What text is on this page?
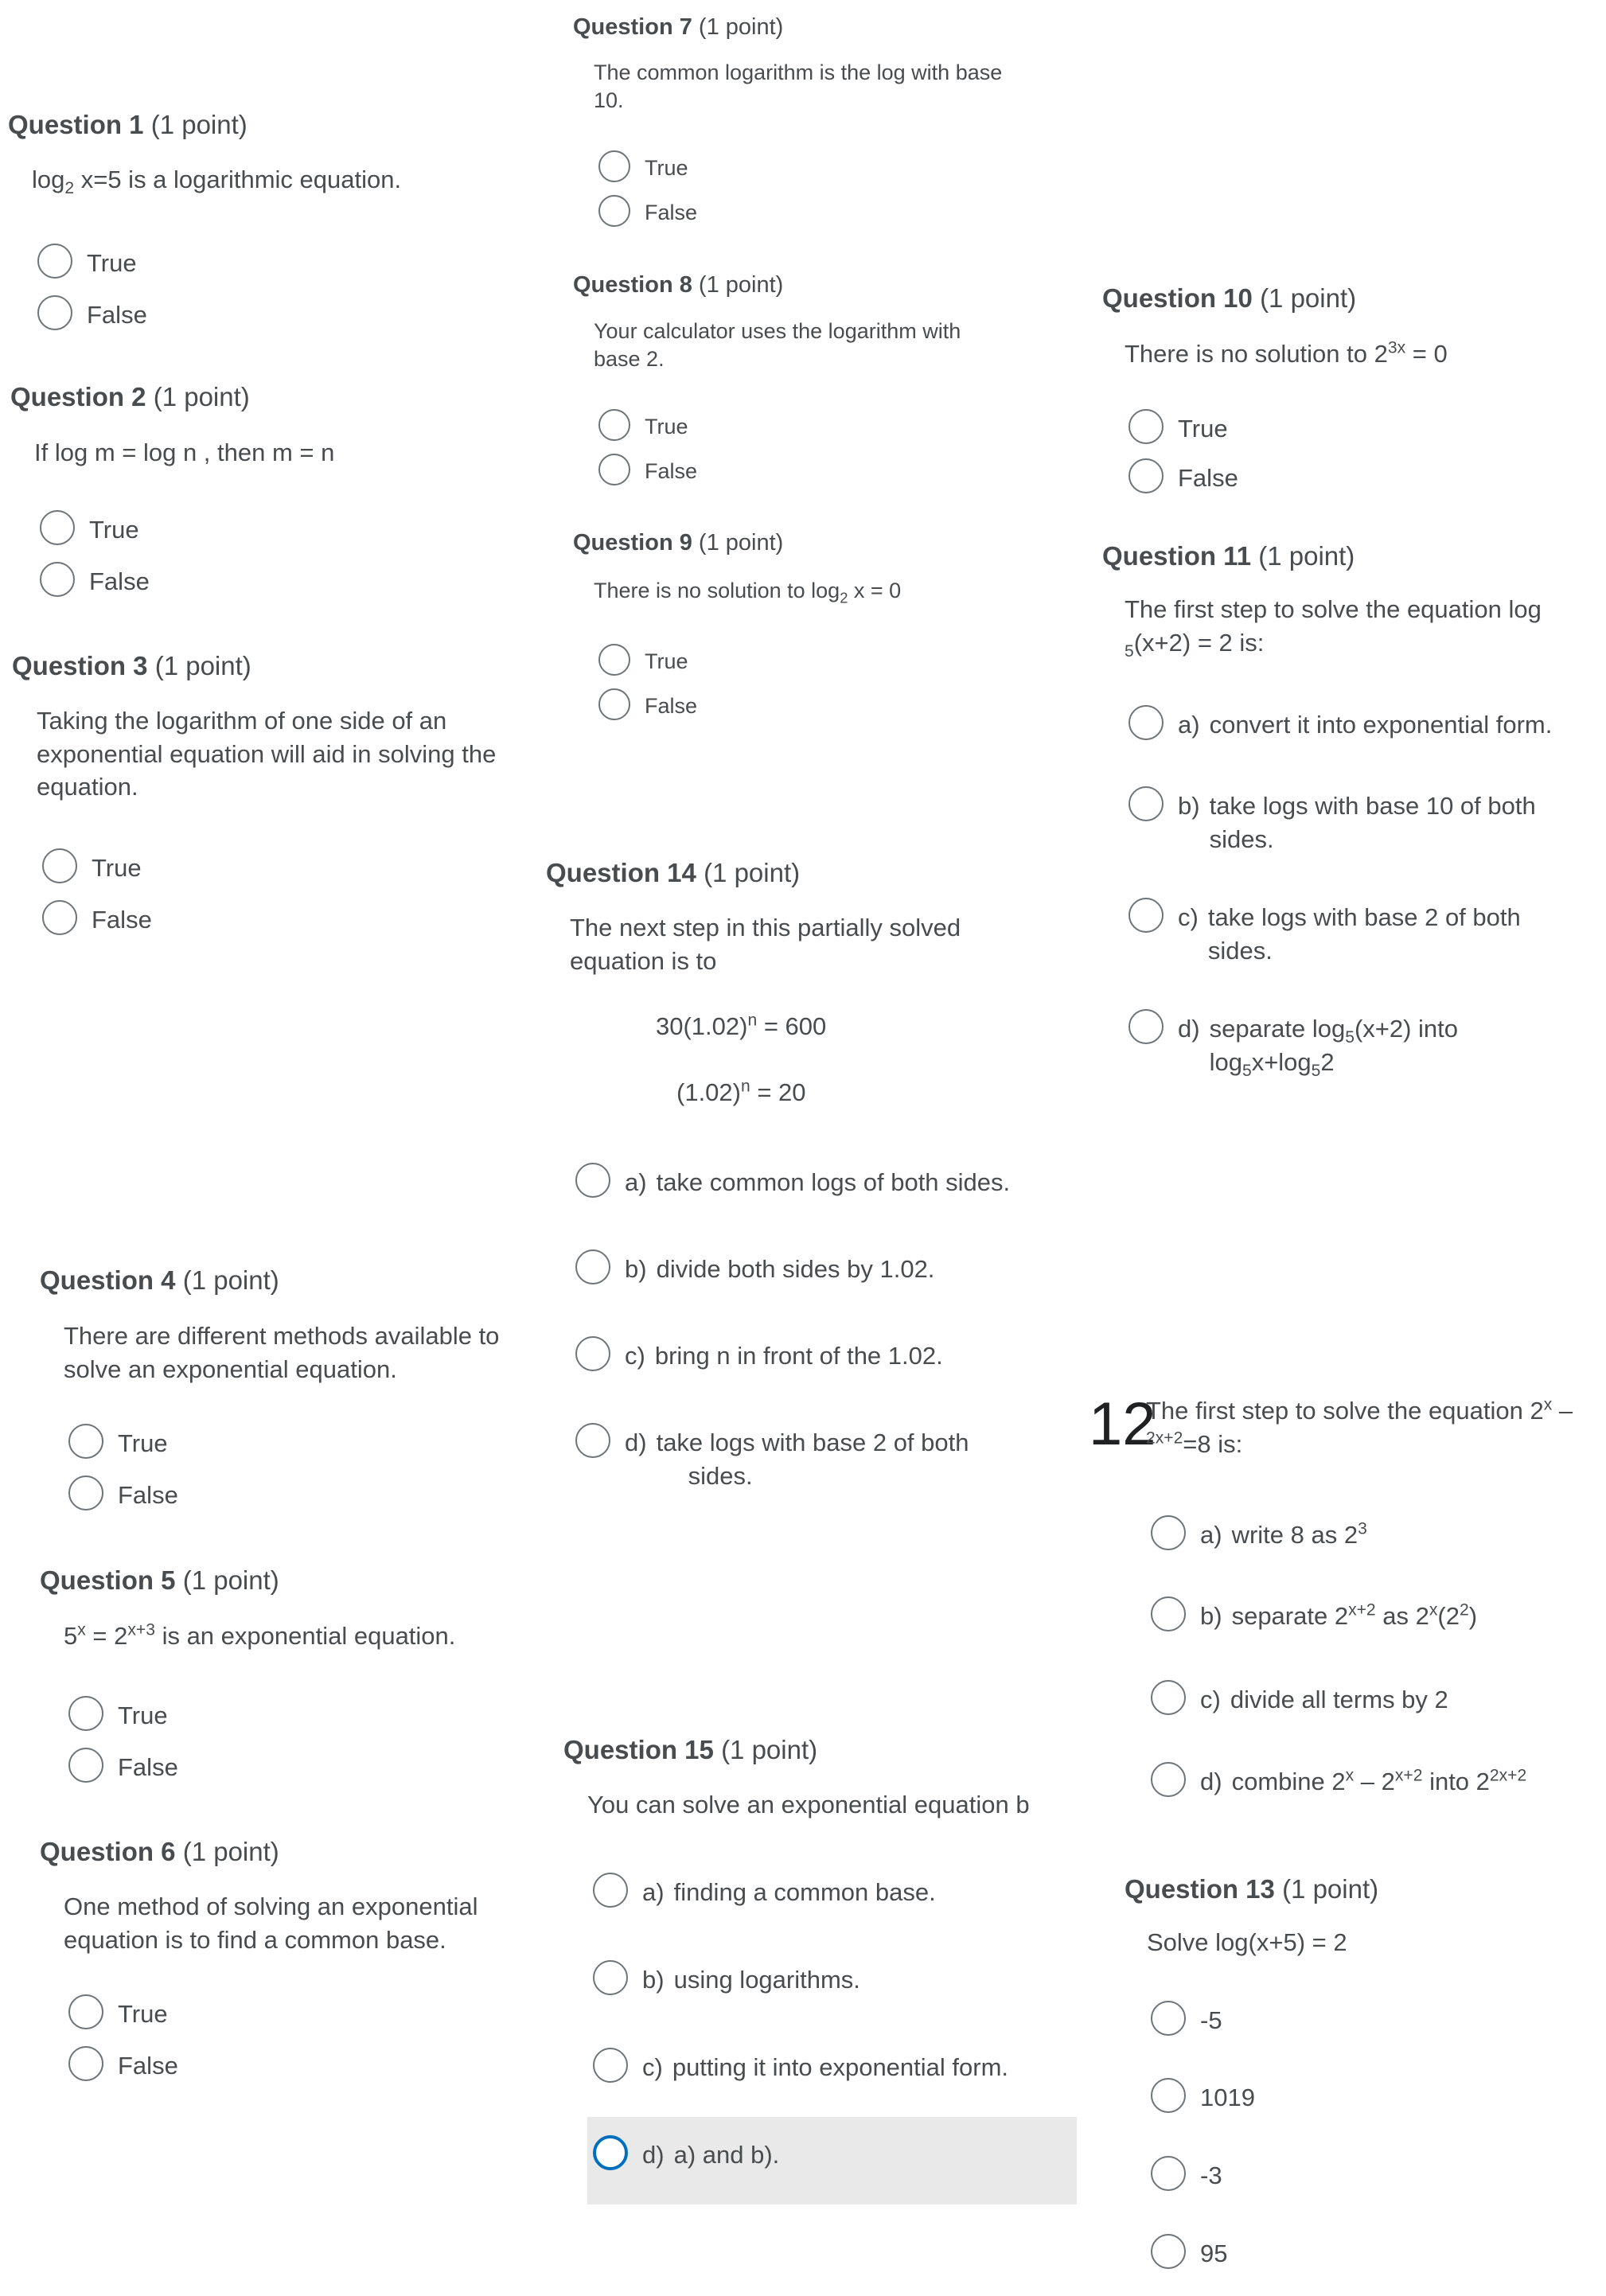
Question 1 (1 point)
$\log_2 x=5$ is a logarithmic equation.
True
False
Question 2 (1 point)
If log m = log n , then m = n
True
False
Question 3 (1 point)
Taking the logarithm of one side of an exponential equation will aid in solving the equation.
True
False
Question 4 (1 point)
There are different methods available to solve an exponential equation.
True
False
Question 5 (1 point)
$5^x = 2^{x+3}$ is an exponential equation.
True
False
Question 6 (1 point)
One method of solving an exponential equation is to find a common base.
True
False
Question 7 (1 point)
The common logarithm is the log with base 10.
True
False
Question 8 (1 point)
Your calculator uses the logarithm with base 2.
True
False
Question 9 (1 point)
There is no solution to $\log_2 x = 0$
True
False
Question 14 (1 point)
The next step in this partially solved equation is to
$30(1.02)^n = 600$
$(1.02)^n = 20$
a) take common logs of both sides.
b) divide both sides by 1.02.
c) bring n in front of the 1.02.
d) take logs with base 2 of both
sides.
Question 15 (1 point)
You can solve an exponential equation b
a) finding a common base.
b) using logarithms.
c) putting it into exponential form.
d) a) and b).
Question 10 (1 point)
There is no solution to $2^{3x} = 0$
True
False
Question 11 (1 point)
The first step to solve the equation log
$_5$(x+2) = 2 is:
a) convert it into exponential form.
b) take logs with base 10 of both
sides.
c) take logs with base 2 of both
sides.
d) separate $\log_5(x+2)$ into
$\log_5x+\log_52$
12
The first step to solve the equation 2$^x$ –
$^{2x+2}$=8 is:
a) write 8 as $2^3$
b) separate $2^{x+2}$ as $2^x(2^2)$
c) divide all terms by 2
d) combine $2^x - 2^{x+2}$ into $2^{2x+2}$
Question 13 (1 point)
Solve log(x+5) = 2
-5
1019
-3
95
